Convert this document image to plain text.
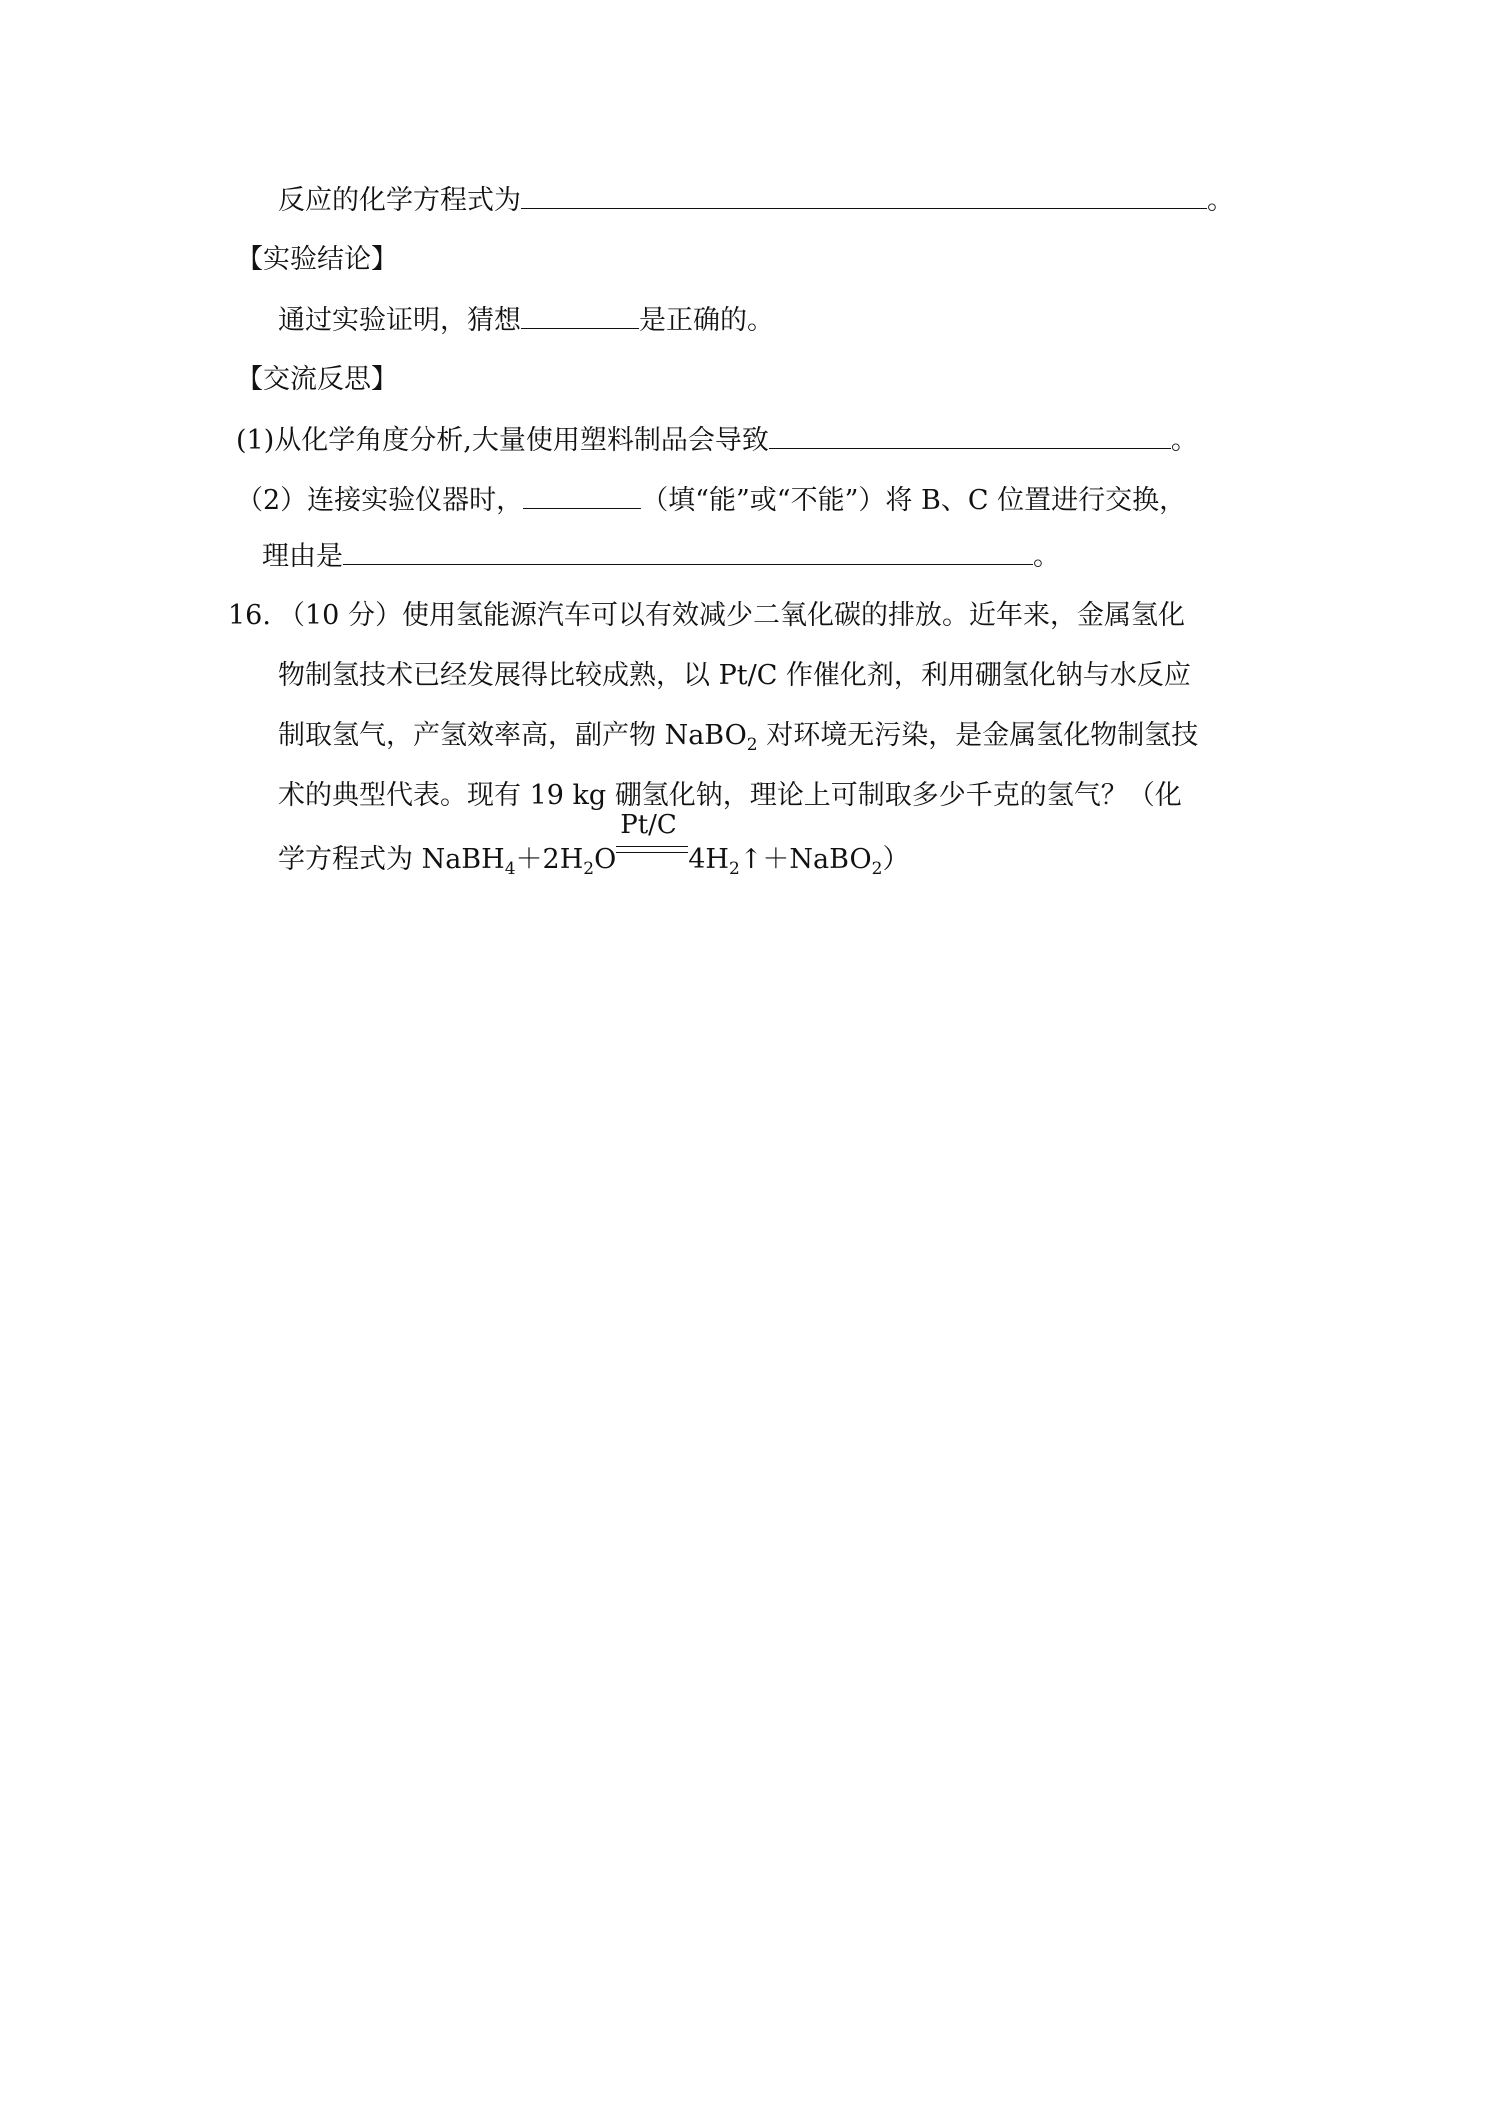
反应的化学方程式为	。
【实验结论】
通过实验证明，猜想	是正确的。
【交流反思】
(1)从化学角度分析,大量使用塑料制品会导致	。
（2）连接实验仪器时，	（填“能”或“不能”）将 B、C 位置进行交换，
理由是	。
16. （10 分）使用氢能源汽车可以有效减少二氧化碳的排放。近年来，金属氢化
物制氢技术已经发展得比较成熟，以 Pt/C 作催化剂，利用硼氢化钠与水反应
制取氢气，产氢效率高，副产物 NaBO$_2$ 对环境无污染，是金属氢化物制氢技
术的典型代表。现有 19 kg 硼氢化钠，理论上可制取多少千克的氢气？（化
学方程式为 $NaBH_4+2H_2O$
Pt/C
$4H_2↑+NaBO_2$）
